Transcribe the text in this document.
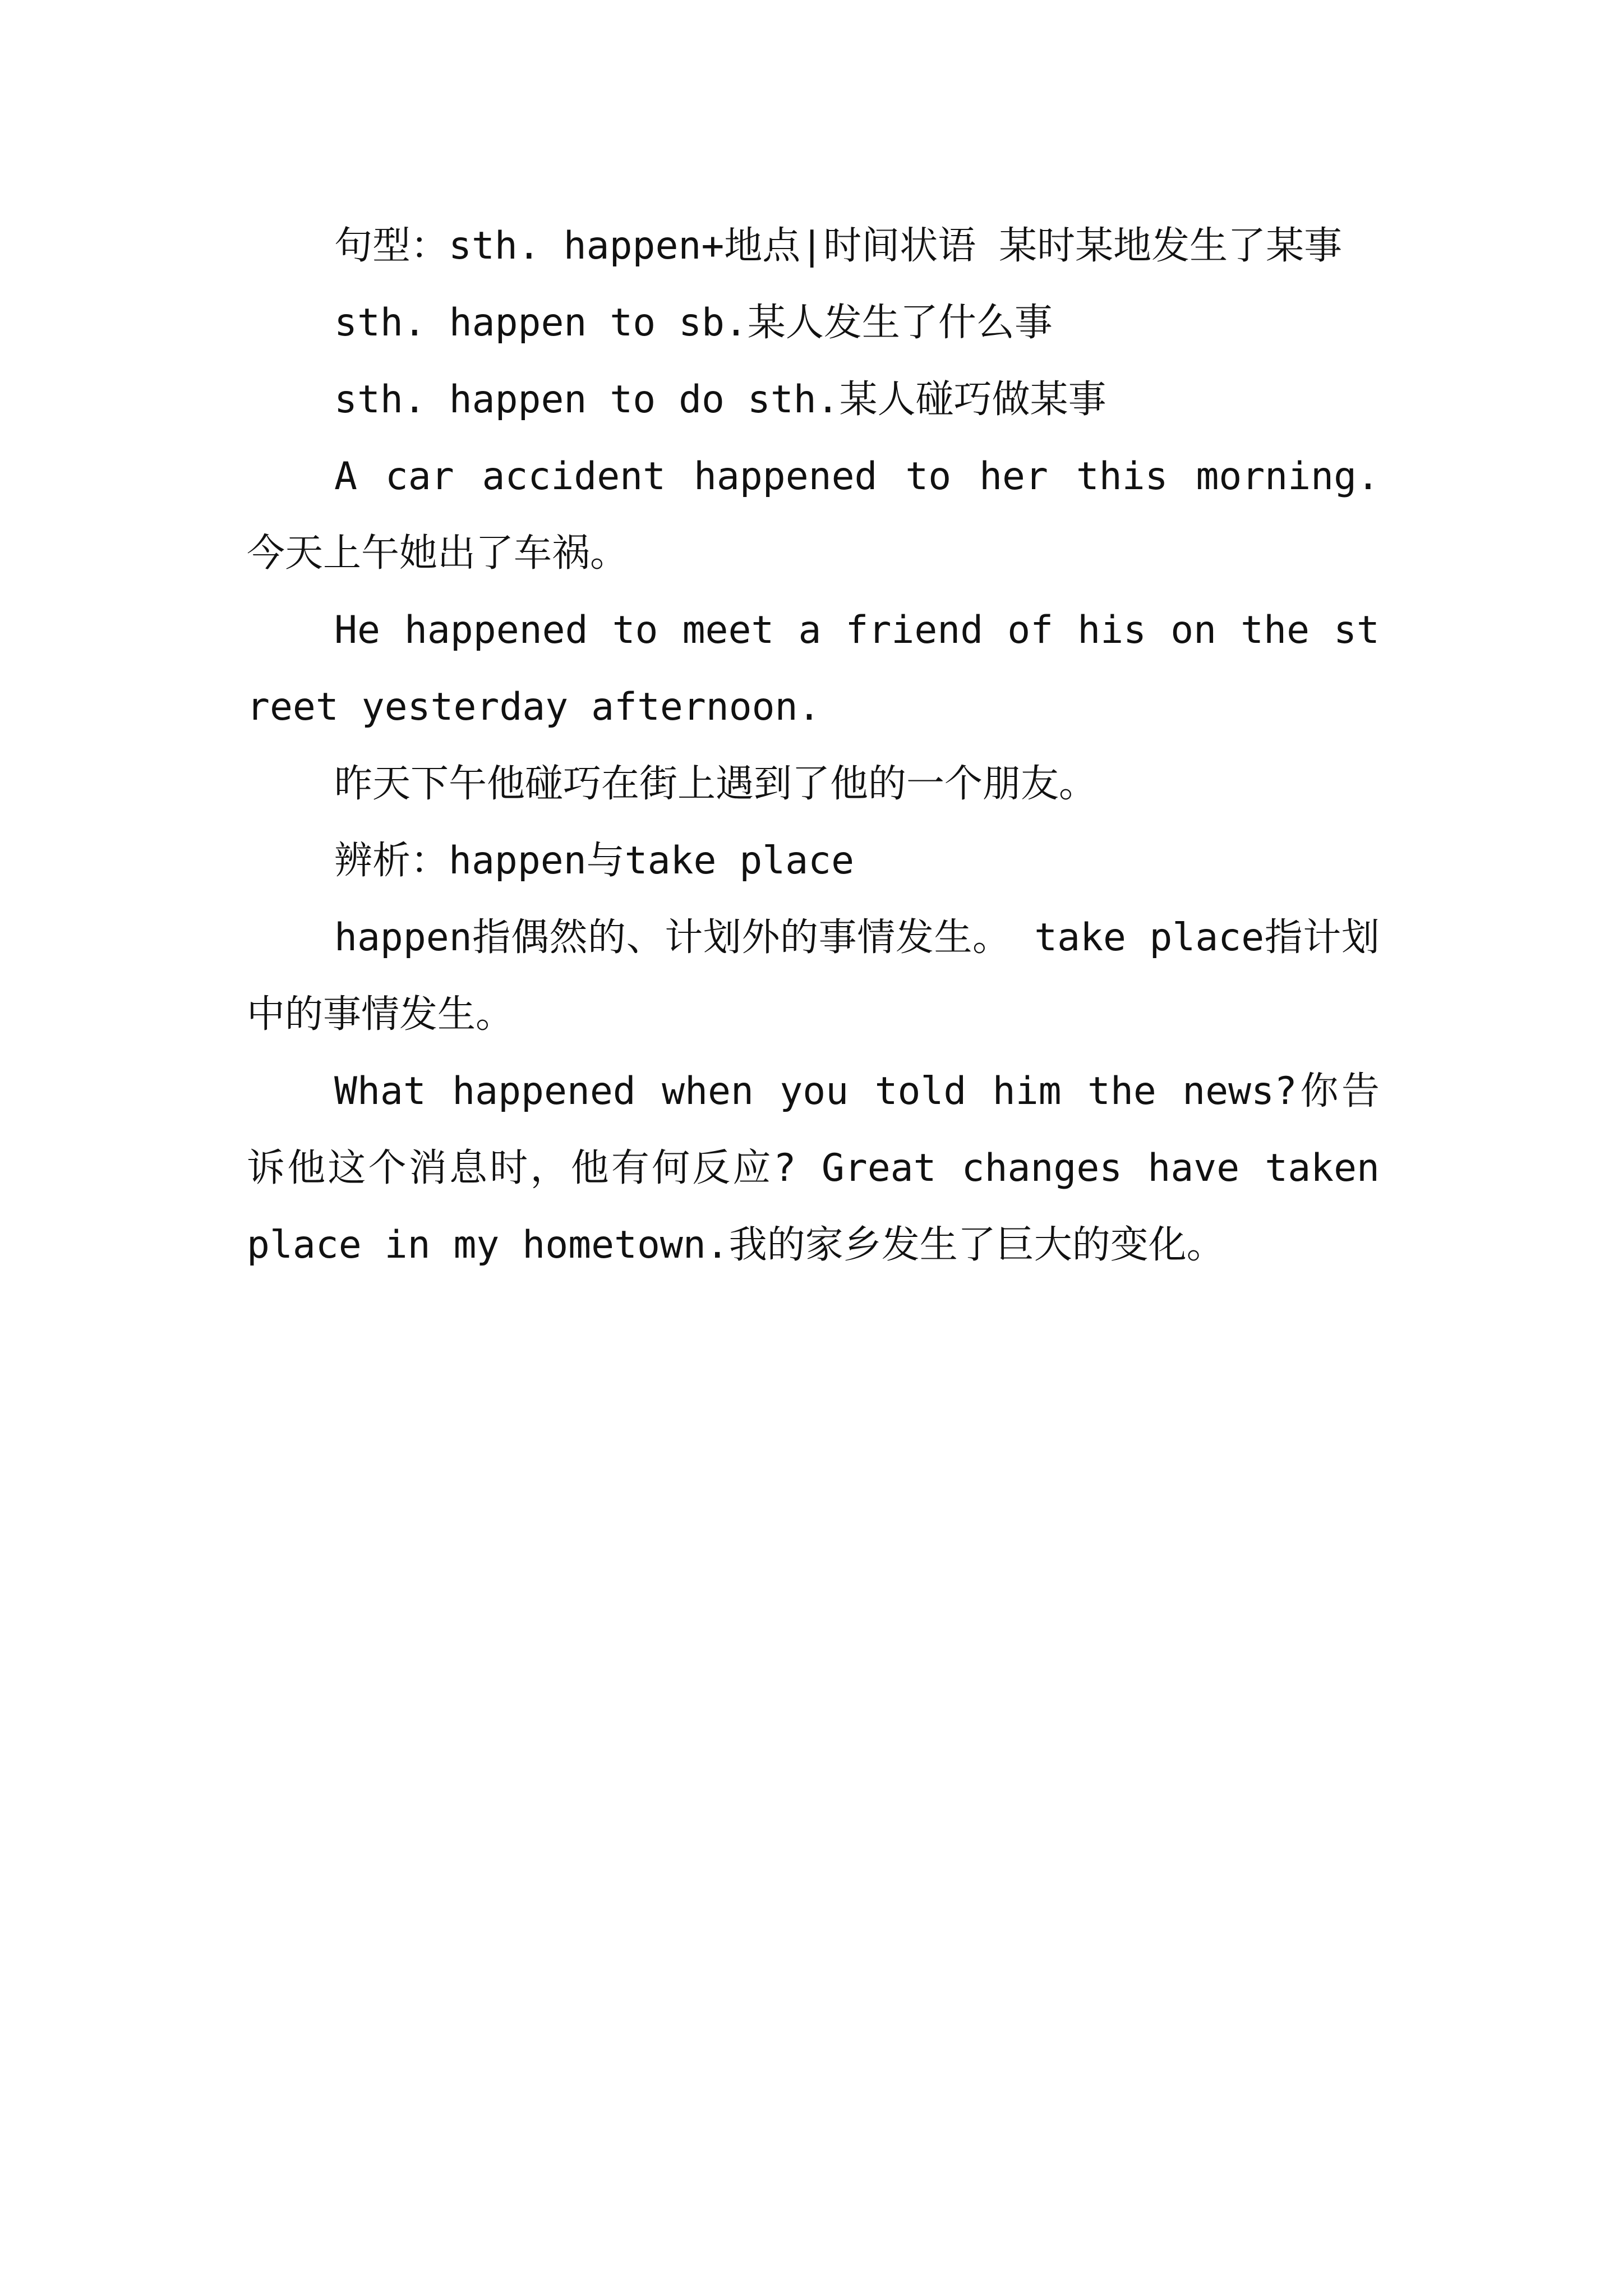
句型：sth. happen+地点|时间状语 某时某地发生了某事

sth. happen to sb.某人发生了什么事

sth. happen to do sth.某人碰巧做某事

A car accident happened to her this morning.今天上午她出了车祸。

He happened to meet a friend of his on the street yesterday afternoon.

昨天下午他碰巧在街上遇到了他的一个朋友。

辨析：happen与take place

happen指偶然的、计划外的事情发生。 take place指计划中的事情发生。

What happened when you told him the news?你告诉他这个消息时，他有何反应? Great changes have taken place in my hometown.我的家乡发生了巨大的变化。
